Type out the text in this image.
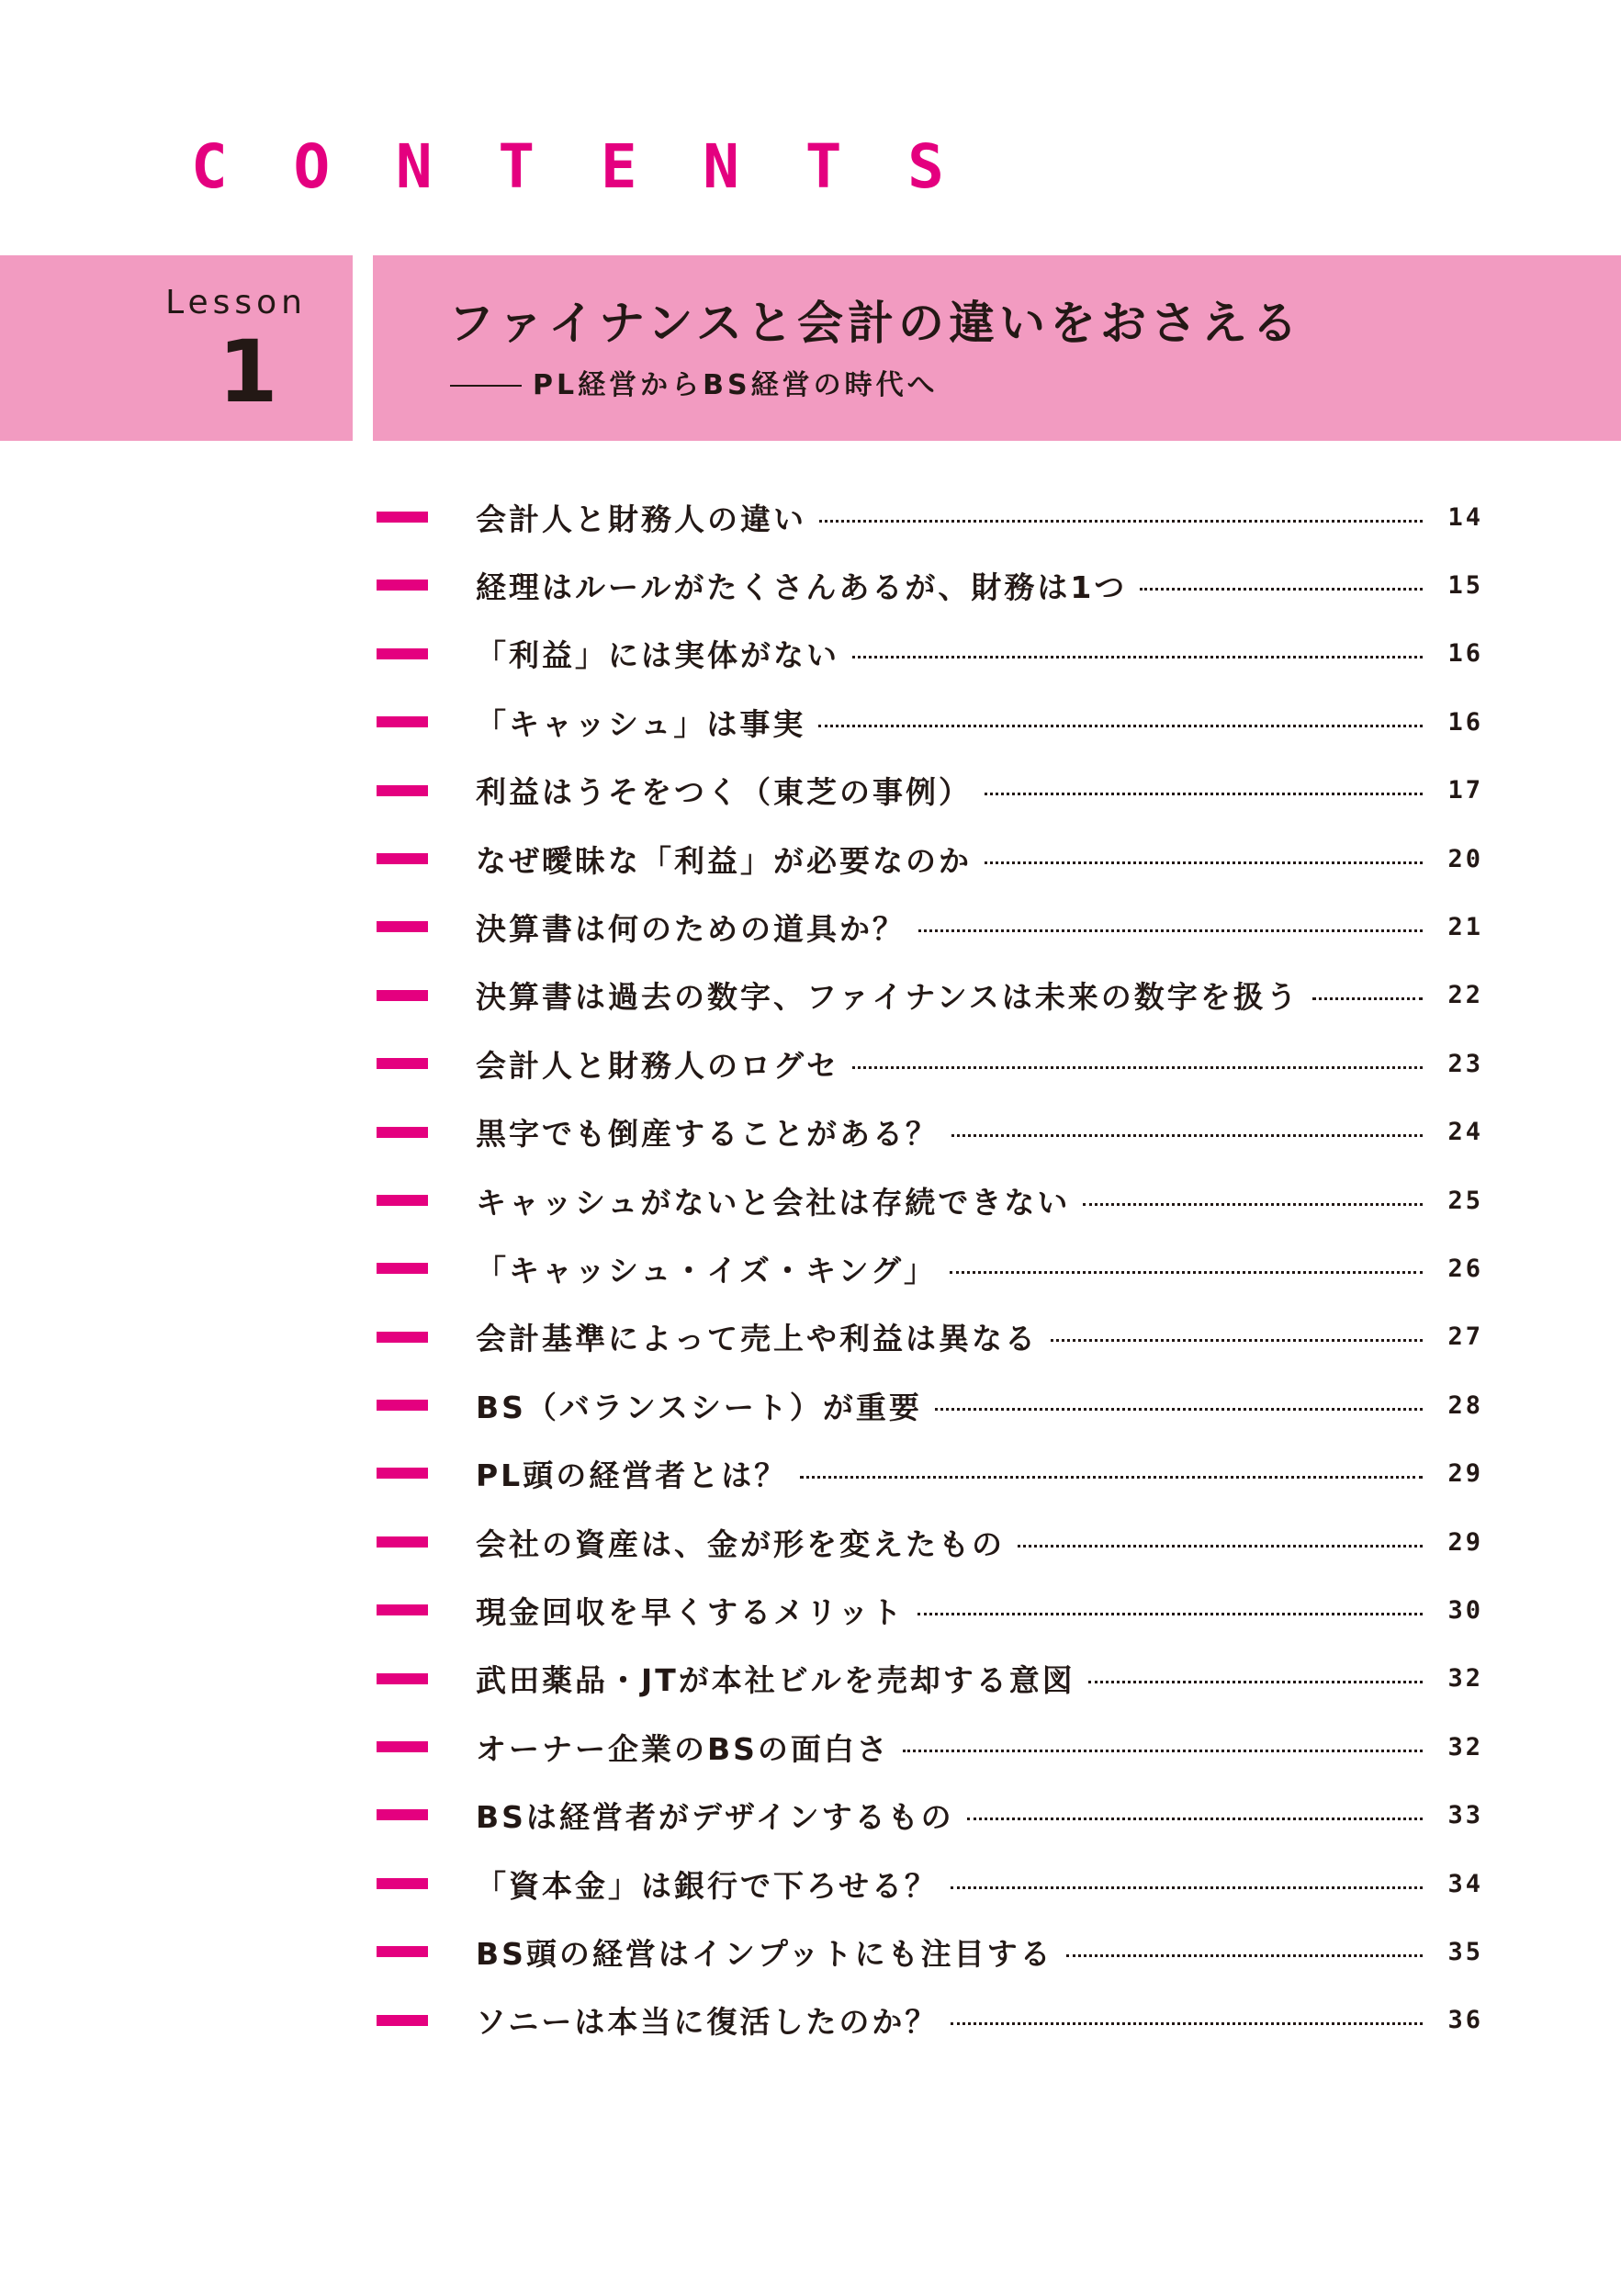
C O N T E N T S
Lesson
1	ファイナンスと会計の違いをおさえる
PL経営からBS経営の時代へ
会計人と財務人の違い	14
経理はルールがたくさんあるが、財務は1つ	15
「利益」には実体がない	16
「キャッシュ」は事実	16
利益はうそをつく（東芝の事例）	17
なぜ曖昧な「利益」が必要なのか	20
決算書は何のための道具か？	21
決算書は過去の数字、ファイナンスは未来の数字を扱う	22
会計人と財務人のログセ	23
黒字でも倒産することがある？	24
キャッシュがないと会社は存続できない	25
「キャッシュ・イズ・キング」	26
会計基準によって売上や利益は異なる	27
BS（バランスシート）が重要	28
PL頭の経営者とは？	29
会社の資産は、金が形を変えたもの	29
現金回収を早くするメリット	30
武田薬品・JTが本社ビルを売却する意図	32
オーナー企業のBSの面白さ	32
BSは経営者がデザインするもの	33
「資本金」は銀行で下ろせる？	34
BS頭の経営はインプットにも注目する	35
ソニーは本当に復活したのか？	36
